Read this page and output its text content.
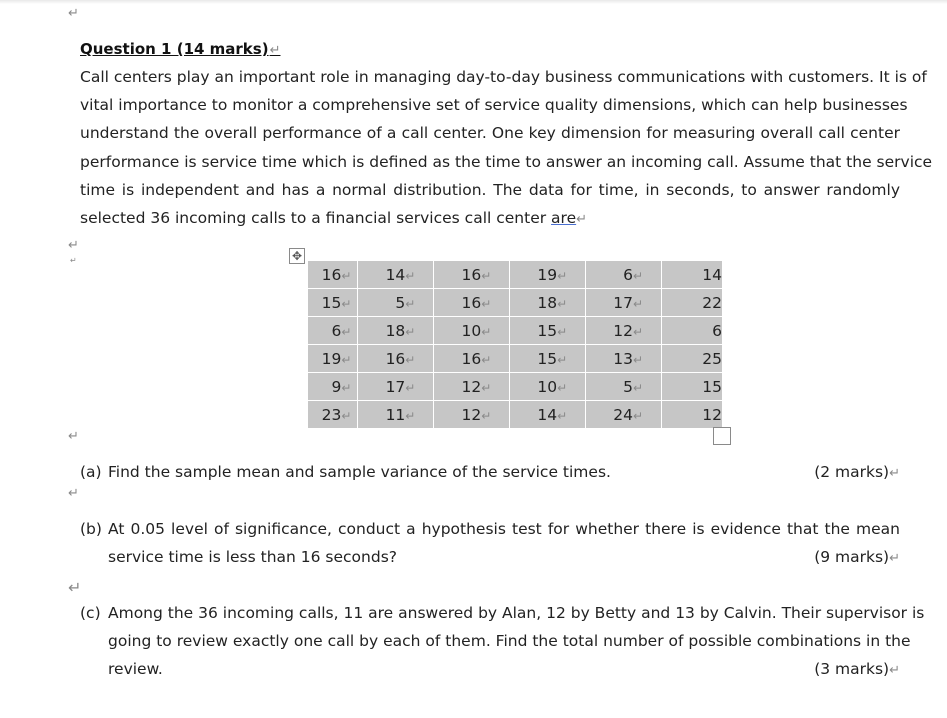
↵
Question 1 (14 marks)↵
Call centers play an important role in managing day-to-day business communications with customers. It is of
vital importance to monitor a comprehensive set of service quality dimensions, which can help businesses
understand the overall performance of a call center. One key dimension for measuring overall call center
performance is service time which is defined as the time to answer an incoming call. Assume that the service
time is independent and has a normal distribution. The data for time, in seconds, to answer randomly
selected 36 incoming calls to a financial services call center are↵
↵
↵	✥
16↵	14↵	16↵	19↵	6↵	14
15↵	5↵	16↵	18↵	17↵	22
6↵	18↵	10↵	15↵	12↵	6
19↵	16↵	16↵	15↵	13↵	25
9↵	17↵	12↵	10↵	5↵	15
23↵	11↵	12↵	14↵	24↵	12
↵
(a) Find the sample mean and sample variance of the service times.	(2 marks)↵
↵
(b) At 0.05 level of significance, conduct a hypothesis test for whether there is evidence that the mean
service time is less than 16 seconds?	(9 marks)↵
↵
(c) Among the 36 incoming calls, 11 are answered by Alan, 12 by Betty and 13 by Calvin. Their supervisor is
going to review exactly one call by each of them. Find the total number of possible combinations in the
review.	(3 marks)↵
